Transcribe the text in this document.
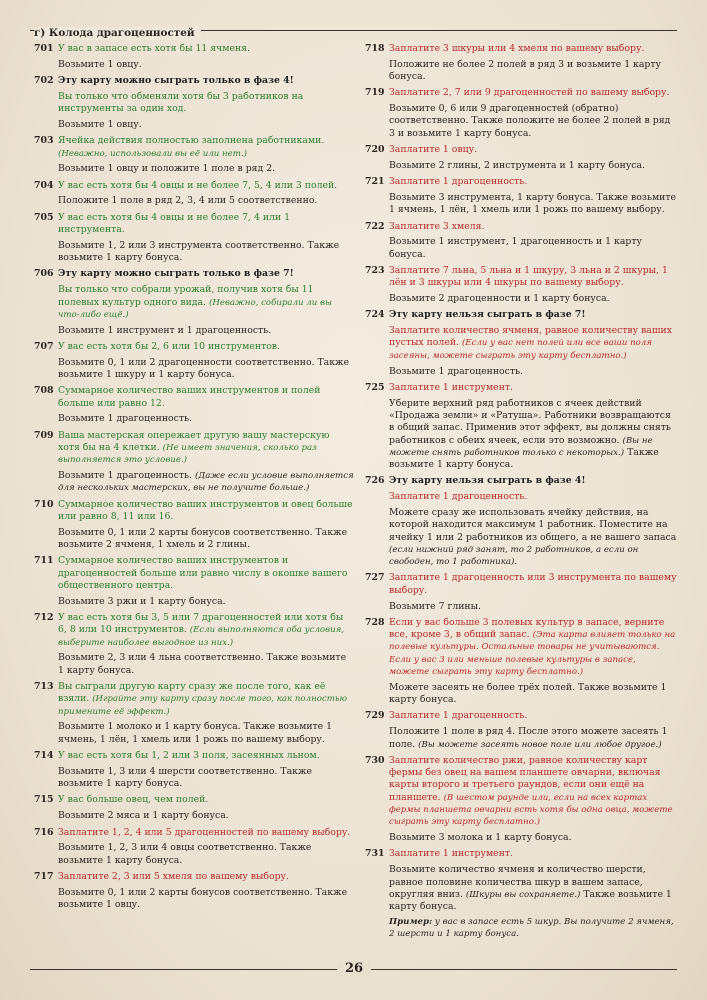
г) Колода драгоценностей
701 У вас в запасе есть хотя бы 11 ячменя.
Возьмите 1 овцу.
702 Эту карту можно сыграть только в фазе 4!
Вы только что обменяли хотя бы 3 работников на инструменты за один ход.
Возьмите 1 овцу.
703 Ячейка действия полностью заполнена работниками. (Неважно, использовали вы её или нет.)
Возьмите 1 овцу и положите 1 поле в ряд 2.
704 У вас есть хотя бы 4 овцы и не более 7, 5, 4 или 3 полей.
Положите 1 поле в ряд 2, 3, 4 или 5 соответственно.
705 У вас есть хотя бы 4 овцы и не более 7, 4 или 1 инструмента.
Возьмите 1, 2 или 3 инструмента соответственно. Также возьмите 1 карту бонуса.
706 Эту карту можно сыграть только в фазе 7!
Вы только что собрали урожай, получив хотя бы 11 полевых культур одного вида. (Неважно, собирали ли вы что-либо ещё.)
Возьмите 1 инструмент и 1 драгоценность.
707 У вас есть хотя бы 2, 6 или 10 инструментов.
Возьмите 0, 1 или 2 драгоценности соответственно. Также возьмите 1 шкуру и 1 карту бонуса.
708 Суммарное количество ваших инструментов и полей больше или равно 12.
Возьмите 1 драгоценность.
709 Ваша мастерская опережает другую вашу мастерскую хотя бы на 4 клетки. (Не имеет значения, сколько раз выполняется это условие.)
Возьмите 1 драгоценность. (Даже если условие выполняется для нескольких мастерских, вы не получите больше.)
710 Суммарное количество ваших инструментов и овец больше или равно 8, 11 или 16.
Возьмите 0, 1 или 2 карты бонусов соответственно. Также возьмите 2 ячменя, 1 хмель и 2 глины.
711 Суммарное количество ваших инструментов и драгоценностей больше или равно числу в окошке вашего общественного центра.
Возьмите 3 ржи и 1 карту бонуса.
712 У вас есть хотя бы 3, 5 или 7 драгоценностей или хотя бы 6, 8 или 10 инструментов. (Если выполняются оба условия, выберите наиболее выгодное из них.)
Возьмите 2, 3 или 4 льна соответственно. Также возьмите 1 карту бонуса.
713 Вы сыграли другую карту сразу же после того, как её взяли. (Играйте эту карту сразу после того, как полностью примените её эффект.)
Возьмите 1 молоко и 1 карту бонуса. Также возьмите 1 ячмень, 1 лён, 1 хмель или 1 рожь по вашему выбору.
714 У вас есть хотя бы 1, 2 или 3 поля, засеянных льном.
Возьмите 1, 3 или 4 шерсти соответственно. Также возьмите 1 карту бонуса.
715 У вас больше овец, чем полей.
Возьмите 2 мяса и 1 карту бонуса.
716 Заплатите 1, 2, 4 или 5 драгоценностей по вашему выбору.
Возьмите 1, 2, 3 или 4 овцы соответственно. Также возьмите 1 карту бонуса.
717 Заплатите 2, 3 или 5 хмеля по вашему выбору.
Возьмите 0, 1 или 2 карты бонусов соответственно. Также возьмите 1 овцу.
718 Заплатите 3 шкуры или 4 хмеля по вашему выбору.
Положите не более 2 полей в ряд 3 и возьмите 1 карту бонуса.
719 Заплатите 2, 7 или 9 драгоценностей по вашему выбору.
Возьмите 0, 6 или 9 драгоценностей (обратно) соответственно. Также положите не более 2 полей в ряд 3 и возьмите 1 карту бонуса.
720 Заплатите 1 овцу.
Возьмите 2 глины, 2 инструмента и 1 карту бонуса.
721 Заплатите 1 драгоценность.
Возьмите 3 инструмента, 1 карту бонуса. Также возьмите 1 ячмень, 1 лён, 1 хмель или 1 рожь по вашему выбору.
722 Заплатите 3 хмеля.
Возьмите 1 инструмент, 1 драгоценность и 1 карту бонуса.
723 Заплатите 7 льна, 5 льна и 1 шкуру, 3 льна и 2 шкуры, 1 лён и 3 шкуры или 4 шкуры по вашему выбору.
Возьмите 2 драгоценности и 1 карту бонуса.
724 Эту карту нельзя сыграть в фазе 7!
Заплатите количество ячменя, равное количеству ваших пустых полей. (Если у вас нет полей или все ваши поля засеяны, можете сыграть эту карту бесплатно.)
Возьмите 1 драгоценность.
725 Заплатите 1 инструмент.
Уберите верхний ряд работников с ячеек действий «Продажа земли» и «Ратуша». Работники возвращаются в общий запас. Применив этот эффект, вы должны снять работников с обеих ячеек, если это возможно. (Вы не можете снять работников только с некоторых.) Также возьмите 1 карту бонуса.
726 Эту карту нельзя сыграть в фазе 4!
Заплатите 1 драгоценность.
Можете сразу же использовать ячейку действия, на которой находится максимум 1 работник. Поместите на ячейку 1 или 2 работников из общего, а не вашего запаса (если нижний ряд занят, то 2 работников, а если он свободен, то 1 работника).
727 Заплатите 1 драгоценность или 3 инструмента по вашему выбору.
Возьмите 7 глины.
728 Если у вас больше 3 полевых культур в запасе, верните все, кроме 3, в общий запас. (Эта карта влияет только на полевые культуры. Остальные товары не учитываются. Если у вас 3 или меньше полевые культуры в запасе, можете сыграть эту карту бесплатно.)
Можете засеять не более трёх полей. Также возьмите 1 карту бонуса.
729 Заплатите 1 драгоценность.
Положите 1 поле в ряд 4. После этого можете засеять 1 поле. (Вы можете засеять новое поле или любое другое.)
730 Заплатите количество ржи, равное количеству карт фермы без овец на вашем планшете овчарни, включая карты второго и третьего раундов, если они ещё на планшете. (В шестом раунде или, если на всех картах фермы планшета овчарни есть хотя бы одна овца, можете сыграть эту карту бесплатно.)
Возьмите 3 молока и 1 карту бонуса.
731 Заплатите 1 инструмент.
Возьмите количество ячменя и количество шерсти, равное половине количества шкур в вашем запасе, округляя вниз. (Шкуры вы сохраняете.) Также возьмите 1 карту бонуса.
Пример: у вас в запасе есть 5 шкур. Вы получите 2 ячменя, 2 шерсти и 1 карту бонуса.
26
